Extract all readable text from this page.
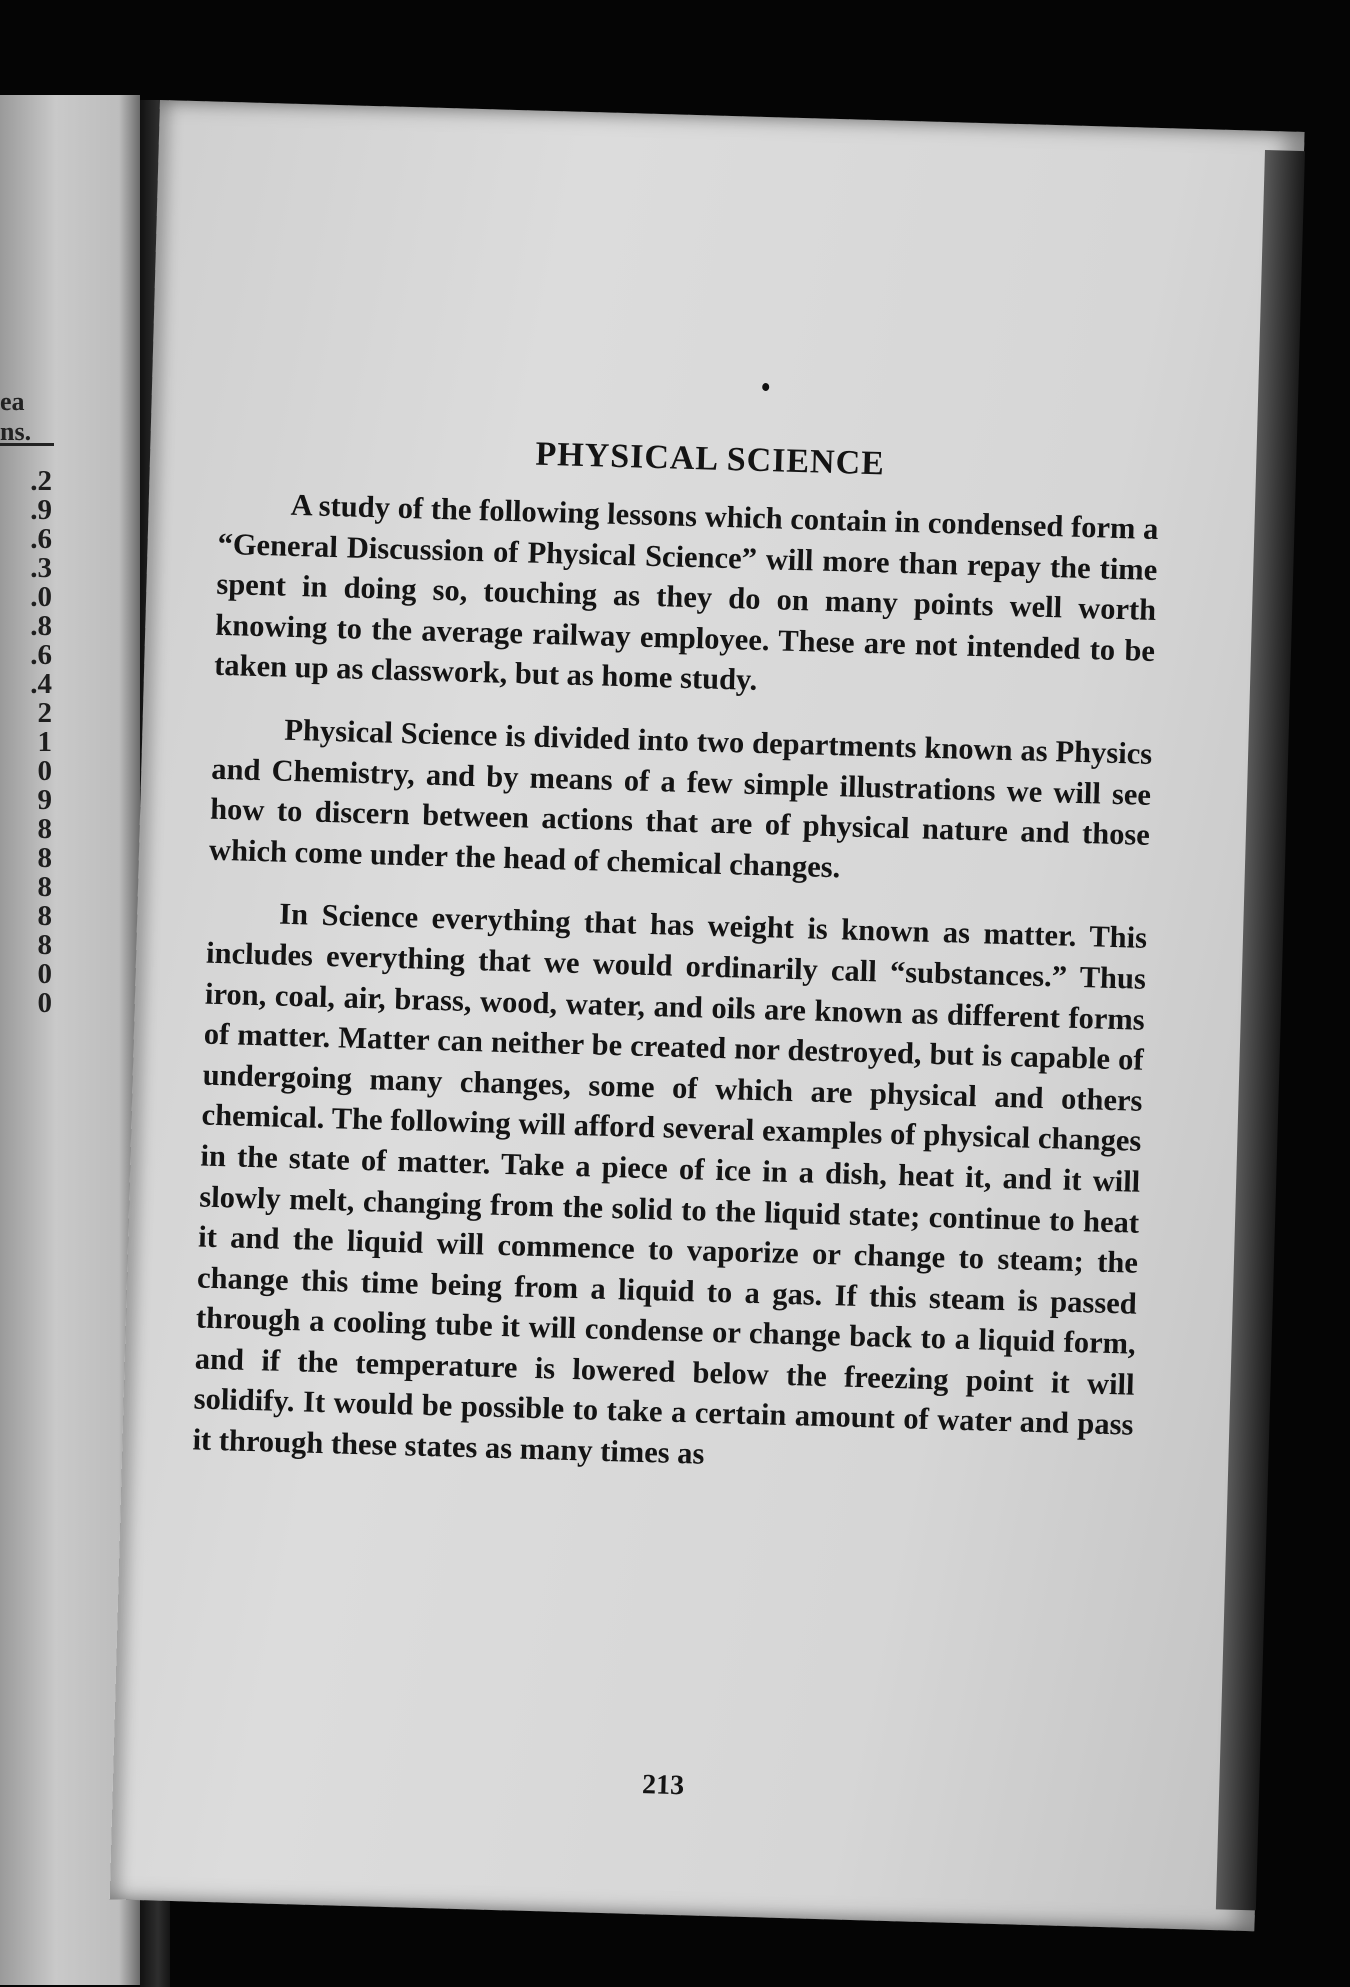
ea
ns.
.2
.9
.6
.3
.0
.8
.6
.4
2
1
0
9
8
8
8
8
8
0
0
PHYSICAL SCIENCE

A study of the following lessons which contain in condensed form a “General Discussion of Physical Science” will more than repay the time spent in doing so, touching as they do on many points well worth knowing to the average railway employee. These are not intended to be taken up as classwork, but as home study.

Physical Science is divided into two departments known as Physics and Chemistry, and by means of a few simple illustrations we will see how to discern between actions that are of physical nature and those which come under the head of chemical changes.

In Science everything that has weight is known as matter. This includes everything that we would ordinarily call “substances.” Thus iron, coal, air, brass, wood, water, and oils are known as different forms of matter. Matter can neither be created nor destroyed, but is capable of undergoing many changes, some of which are physical and others chemical. The following will afford several examples of physical changes in the state of matter. Take a piece of ice in a dish, heat it, and it will slowly melt, changing from the solid to the liquid state; continue to heat it and the liquid will commence to vaporize or change to steam; the change this time being from a liquid to a gas. If this steam is passed through a cooling tube it will condense or change back to a liquid form, and if the temperature is lowered below the freezing point it will solidify. It would be possible to take a certain amount of water and pass it through these states as many times as

213
